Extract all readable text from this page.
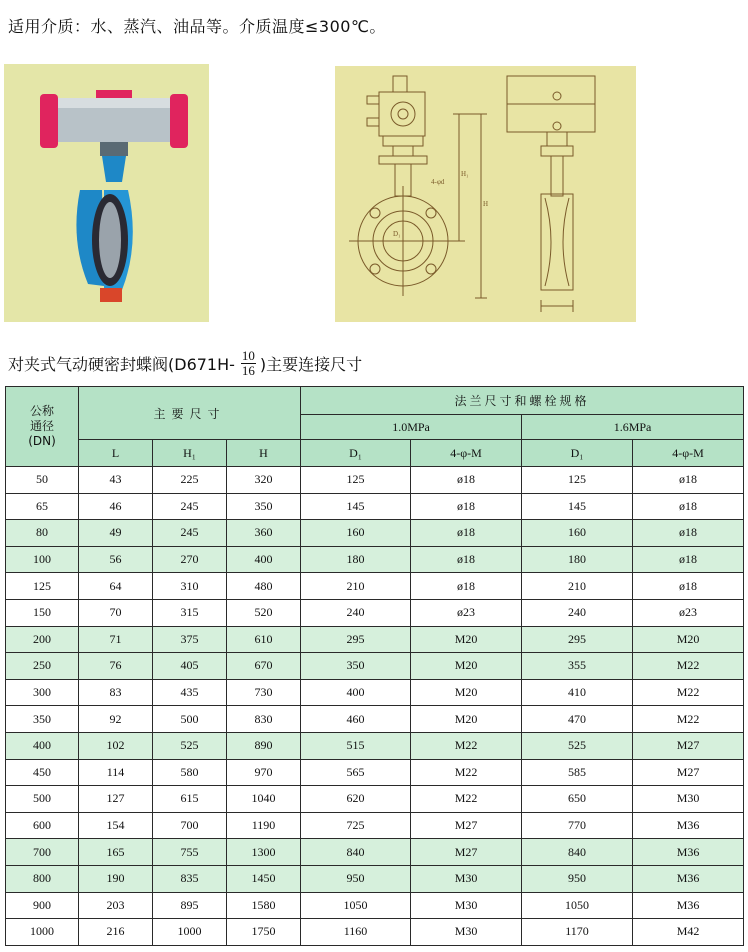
适用介质：水、蒸汽、油品等。介质温度≤300℃。
H₁
H
4-φd
D₁
对夹式气动硬密封蝶阀($D671H- \frac{10}{16}$ )主要连接尺寸
公称
通径
(DN)	主要尺寸			法兰尺寸和螺栓规格			
				1.0MPa		1.6MPa	
	L	H₁	H	D₁	4-φ-M	D₁	4-φ-M
50	43	225	320	125	ø18	125	ø18
65	46	245	350	145	ø18	145	ø18
80	49	245	360	160	ø18	160	ø18
100	56	270	400	180	ø18	180	ø18
125	64	310	480	210	ø18	210	ø18
150	70	315	520	240	ø23	240	ø23
200	71	375	610	295	M20	295	M20
250	76	405	670	350	M20	355	M22
300	83	435	730	400	M20	410	M22
350	92	500	830	460	M20	470	M22
400	102	525	890	515	M22	525	M27
450	114	580	970	565	M22	585	M27
500	127	615	1040	620	M22	650	M30
600	154	700	1190	725	M27	770	M36
700	165	755	1300	840	M27	840	M36
800	190	835	1450	950	M30	950	M36
900	203	895	1580	1050	M30	1050	M36
1000	216	1000	1750	1160	M30	1170	M42
